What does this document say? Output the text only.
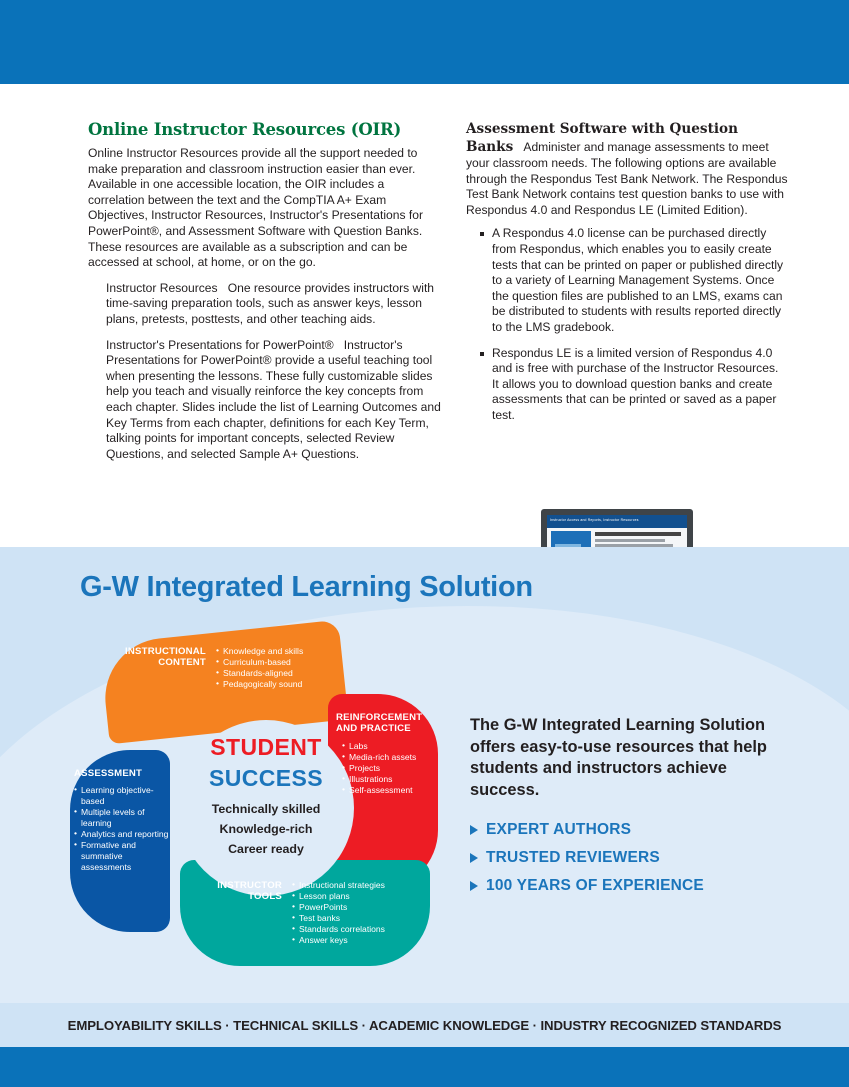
Online Instructor Resources (OIR)

Online Instructor Resources provide all the support needed to make preparation and classroom instruction easier than ever. Available in one accessible location, the OIR includes a correlation between the text and the CompTIA A+ Exam Objectives, Instructor Resources, Instructor's Presentations for PowerPoint®, and Assessment Software with Question Banks. These resources are available as a subscription and can be accessed at school, at home, or on the go.

Instructor Resources One resource provides instructors with time-saving preparation tools, such as answer keys, lesson plans, pretests, posttests, and other teaching aids.

Instructor's Presentations for PowerPoint® Instructor's Presentations for PowerPoint® provide a useful teaching tool when presenting the lessons. These fully customizable slides help you teach and visually reinforce the key concepts from each chapter. Slides include the list of Learning Outcomes and Key Terms from each chapter, definitions for each Key Term, talking points for important concepts, selected Review Questions, and selected Sample A+ Questions.

Assessment Software with Question Banks Administer and manage assessments to meet your classroom needs. The following options are available through the Respondus Test Bank Network. The Respondus Test Bank Network contains test question banks to use with Respondus 4.0 and Respondus LE (Limited Edition).

A Respondus 4.0 license can be purchased directly from Respondus, which enables you to easily create tests that can be printed on paper or published directly to a variety of Learning Management Systems. Once the question files are published to an LMS, exams can be distributed to students with results reported directly to the LMS gradebook.
Respondus LE is a limited version of Respondus 4.0 and is free with purchase of the Instructor Resources. It allows you to download question banks and create assessments that can be printed or saved as a paper test.
Instructor Access and Reports, Instructor Resources
G-W Integrated Learning Solution
STUDENT
SUCCESS
Technically skilled
Knowledge-rich
Career ready
INSTRUCTIONAL
CONTENT
• Knowledge and skills
• Curriculum-based
• Standards-aligned
• Pedagogically sound
REINFORCEMENT
AND PRACTICE
• Labs
• Media-rich assets
• Projects
• Illustrations
• Self-assessment
INSTRUCTOR
TOOLS
• Instructional strategies
• Lesson plans
• PowerPoints
• Test banks
• Standards correlations
• Answer keys
ASSESSMENT
• Learning objective-based
• Multiple levels of learning
• Analytics and reporting
• Formative and summative assessments

The G-W Integrated Learning Solution offers easy-to-use resources that help students and instructors achieve success.

EXPERT AUTHORS
TRUSTED REVIEWERS
100 YEARS OF EXPERIENCE
EMPLOYABILITY SKILLS · TECHNICAL SKILLS · ACADEMIC KNOWLEDGE · INDUSTRY RECOGNIZED STANDARDS
